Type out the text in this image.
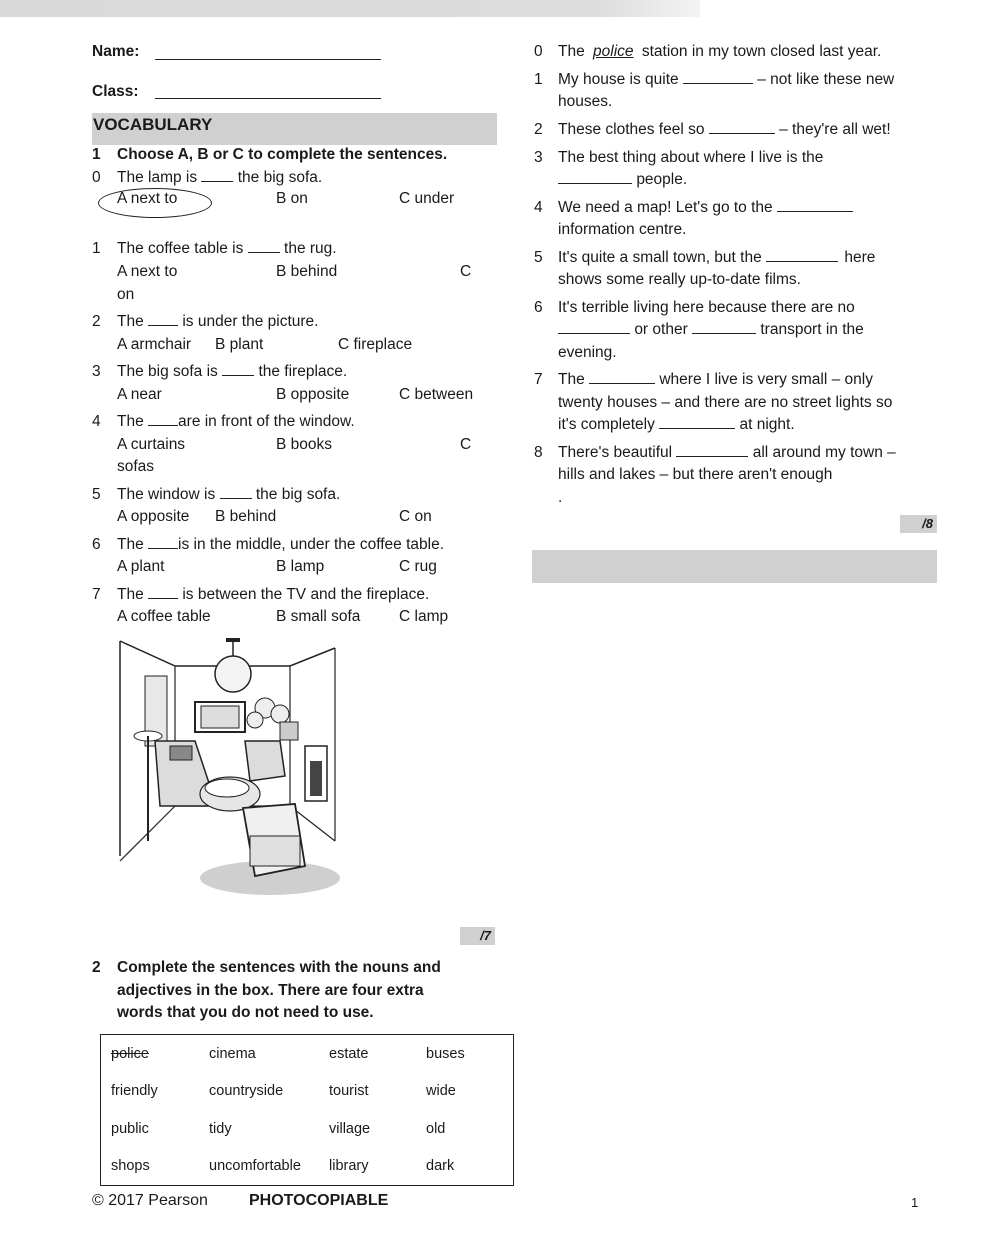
Name:
Class:
VOCABULARY
1 Choose A, B or C to complete the sentences.
0 The lamp is	the big sofa.
A next to	B on	C under
1 The coffee table is	the rug.
A next to	B behind	C
on
2 The is under the picture.
A armchair B plant	C fireplace
3 The big sofa is	the fireplace.
A near	B opposite	C between
4 The are in front of the window.
A curtains	B books	C
sofas
5 The window is	the big sofa.
A opposite B behind	C on
6 The is in the middle, under the coffee table.
A plant	B lamp	C rug
7 The is between the TV and the fireplace.
A coffee table	B small sofa C lamp
/7
2 Complete the sentences with the nouns and
adjectives in the box. There are four extra
words that you do not need to use.
police	cinema	estate	buses
friendly	countryside	tourist	wide
public	tidy	village	old
shops	uncomfortable	library	dark
© 2017 Pearson	PHOTOCOPIABLE	1
0 The police station in my town closed last year.
1 My house is quite	– not like these new
houses.
2 These clothes feel so	– they're all wet!
3 The best thing about where I live is the
people.
4 We need a map! Let's go to the
information centre.
5 It's quite a small town, but the	here
shows some really up-to-date films.
6 It's terrible living here because there are no
or other	transport in the
evening.
7 The	where I live is very small – only
twenty houses – and there are no street lights so
it's completely	at night.
8 There's beautiful	all around my town –
hills and lakes – but there aren't enough
.
/8
